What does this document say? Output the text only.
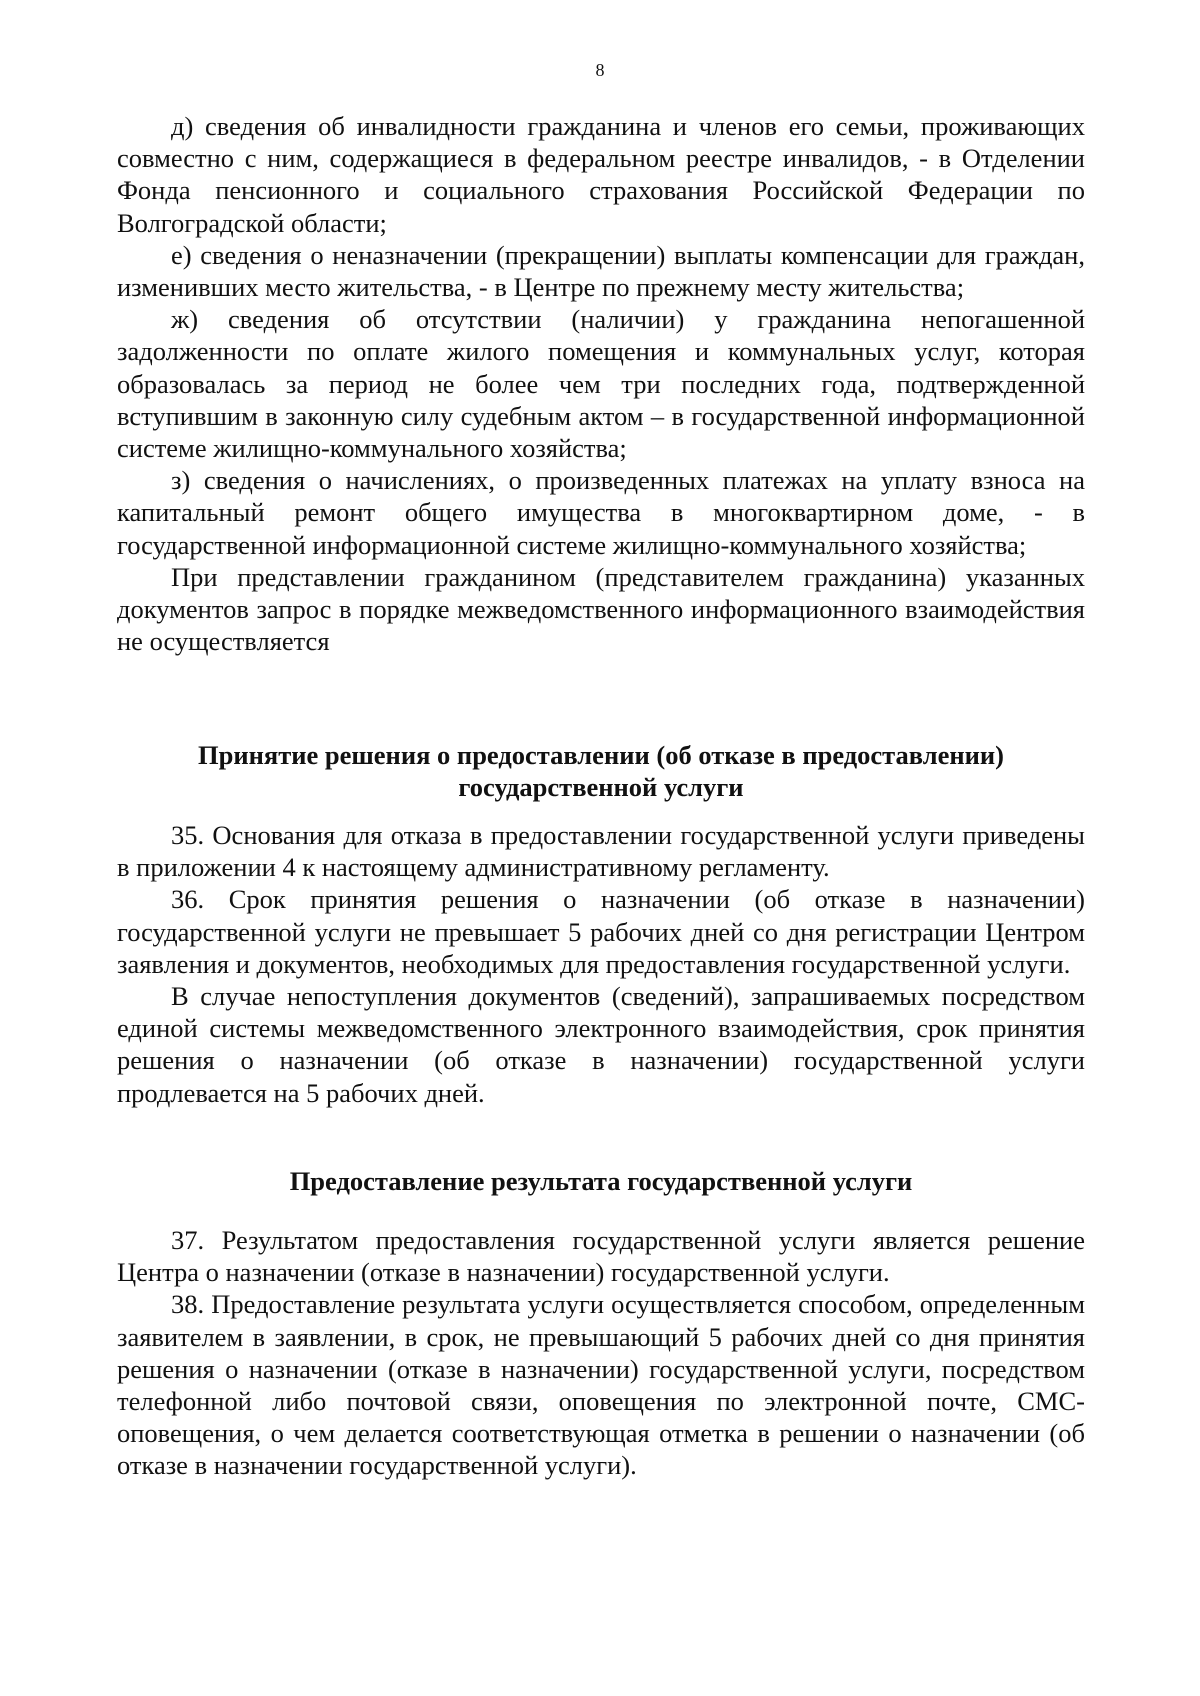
8

д) сведения об инвалидности гражданина и членов его семьи, проживающих совместно с ним, содержащиеся в федеральном реестре инвалидов, - в Отделении Фонда пенсионного и социального страхования Российской Федерации по Волгоградской области;

е) сведения о неназначении (прекращении) выплаты компенсации для граждан, изменивших место жительства, - в Центре по прежнему месту жительства;

ж) сведения об отсутствии (наличии) у гражданина непогашенной задолженности по оплате жилого помещения и коммунальных услуг, которая образовалась за период не более чем три последних года, подтвержденной вступившим в законную силу судебным актом – в государственной информационной системе жилищно-коммунального хозяйства;

з) сведения о начислениях, о произведенных платежах на уплату взноса на капитальный ремонт общего имущества в многоквартирном доме, - в государственной информационной системе жилищно-коммунального хозяйства;

При представлении гражданином (представителем гражданина) указанных документов запрос в порядке межведомственного информационного взаимодействия не осуществляется

Принятие решения о предоставлении (об отказе в предоставлении)
государственной услуги

35. Основания для отказа в предоставлении государственной услуги приведены в приложении 4 к настоящему административному регламенту.

36. Срок принятия решения о назначении (об отказе в назначении) государственной услуги не превышает 5 рабочих дней со дня регистрации Центром заявления и документов, необходимых для предоставления государственной услуги.

В случае непоступления документов (сведений), запрашиваемых посредством единой системы межведомственного электронного взаимодействия, срок принятия решения о назначении (об отказе в назначении) государственной услуги продлевается на 5 рабочих дней.

Предоставление результата государственной услуги

37. Результатом предоставления государственной услуги является решение Центра о назначении (отказе в назначении) государственной услуги.

38. Предоставление результата услуги осуществляется способом, определенным заявителем в заявлении, в срок, не превышающий 5 рабочих дней со дня принятия решения о назначении (отказе в назначении) государственной услуги, посредством телефонной либо почтовой связи, оповещения по электронной почте, СМС-оповещения, о чем делается соответствующая отметка в решении о назначении (об отказе в назначении государственной услуги).
